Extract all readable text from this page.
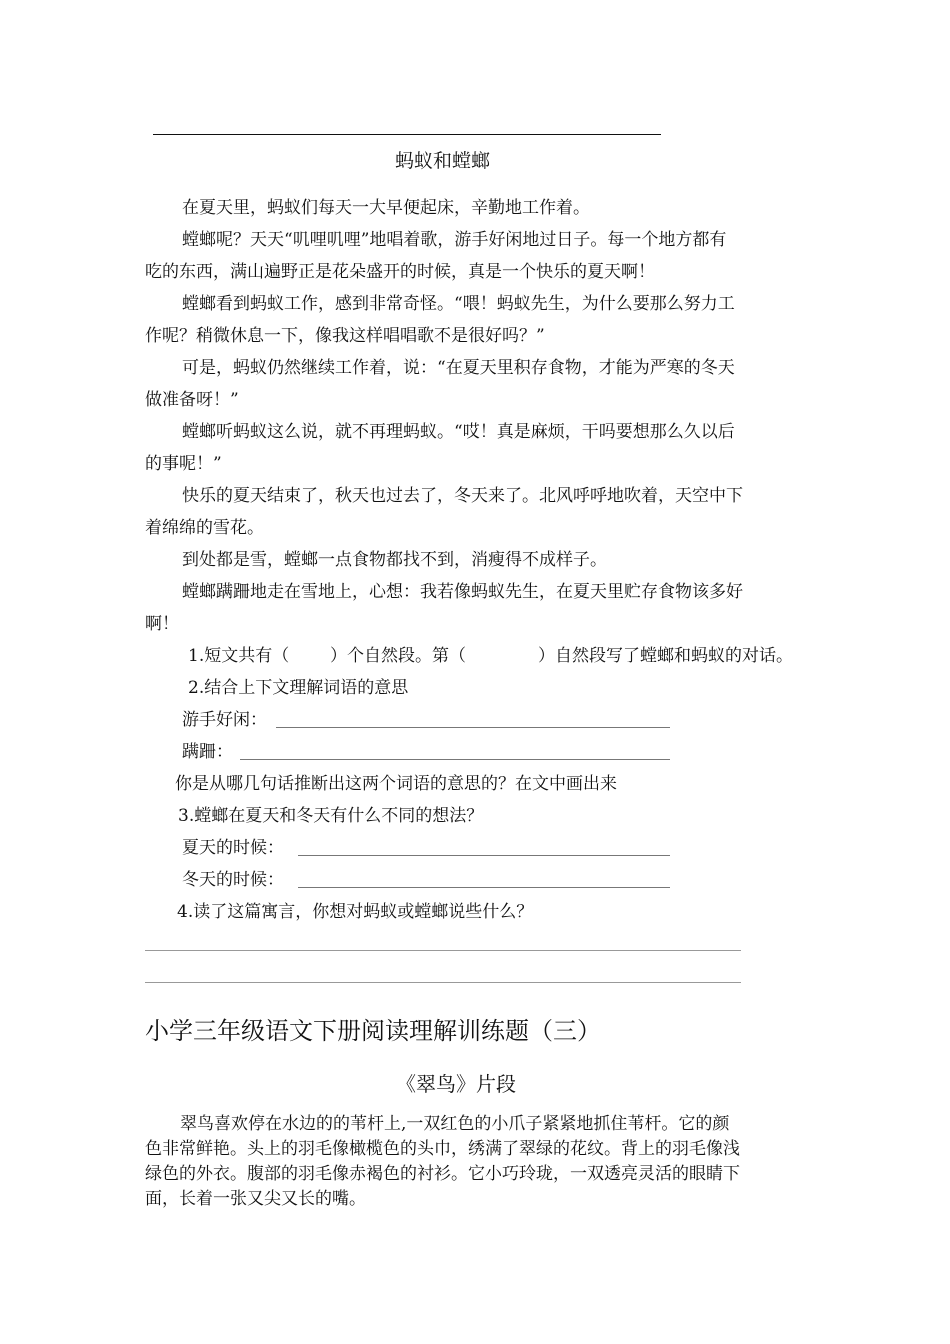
蚂蚁和螳螂
在夏天里，蚂蚁们每天一大早便起床，辛勤地工作着。
螳螂呢？天天“叽哩叽哩”地唱着歌，游手好闲地过日子。每一个地方都有
吃的东西，满山遍野正是花朵盛开的时候，真是一个快乐的夏天啊！
螳螂看到蚂蚁工作，感到非常奇怪。“喂！蚂蚁先生，为什么要那么努力工
作呢？稍微休息一下，像我这样唱唱歌不是很好吗？”
可是，蚂蚁仍然继续工作着，说：“在夏天里积存食物，才能为严寒的冬天
做准备呀！”
螳螂听蚂蚁这么说，就不再理蚂蚁。“哎！真是麻烦，干吗要想那么久以后
的事呢！”
快乐的夏天结束了，秋天也过去了，冬天来了。北风呼呼地吹着，天空中下
着绵绵的雪花。
到处都是雪，螳螂一点食物都找不到，消瘦得不成样子。
螳螂蹒跚地走在雪地上，心想：我若像蚂蚁先生，在夏天里贮存食物该多好
啊！
1.短文共有（ ）个自然段。第（	）自然段写了螳螂和蚂蚁的对话。
2.结合上下文理解词语的意思
游手好闲：
蹒跚：
你是从哪几句话推断出这两个词语的意思的？在文中画出来
3.螳螂在夏天和冬天有什么不同的想法？
夏天的时候：
冬天的时候：
4.读了这篇寓言，你想对蚂蚁或螳螂说些什么？
小学三年级语文下册阅读理解训练题（三）
《翠鸟》片段
翠鸟喜欢停在水边的的苇杆上,一双红色的小爪子紧紧地抓住苇杆。它的颜
色非常鲜艳。头上的羽毛像橄榄色的头巾，绣满了翠绿的花纹。背上的羽毛像浅
绿色的外衣。腹部的羽毛像赤褐色的衬衫。它小巧玲珑，一双透亮灵活的眼睛下
面，长着一张又尖又长的嘴。
